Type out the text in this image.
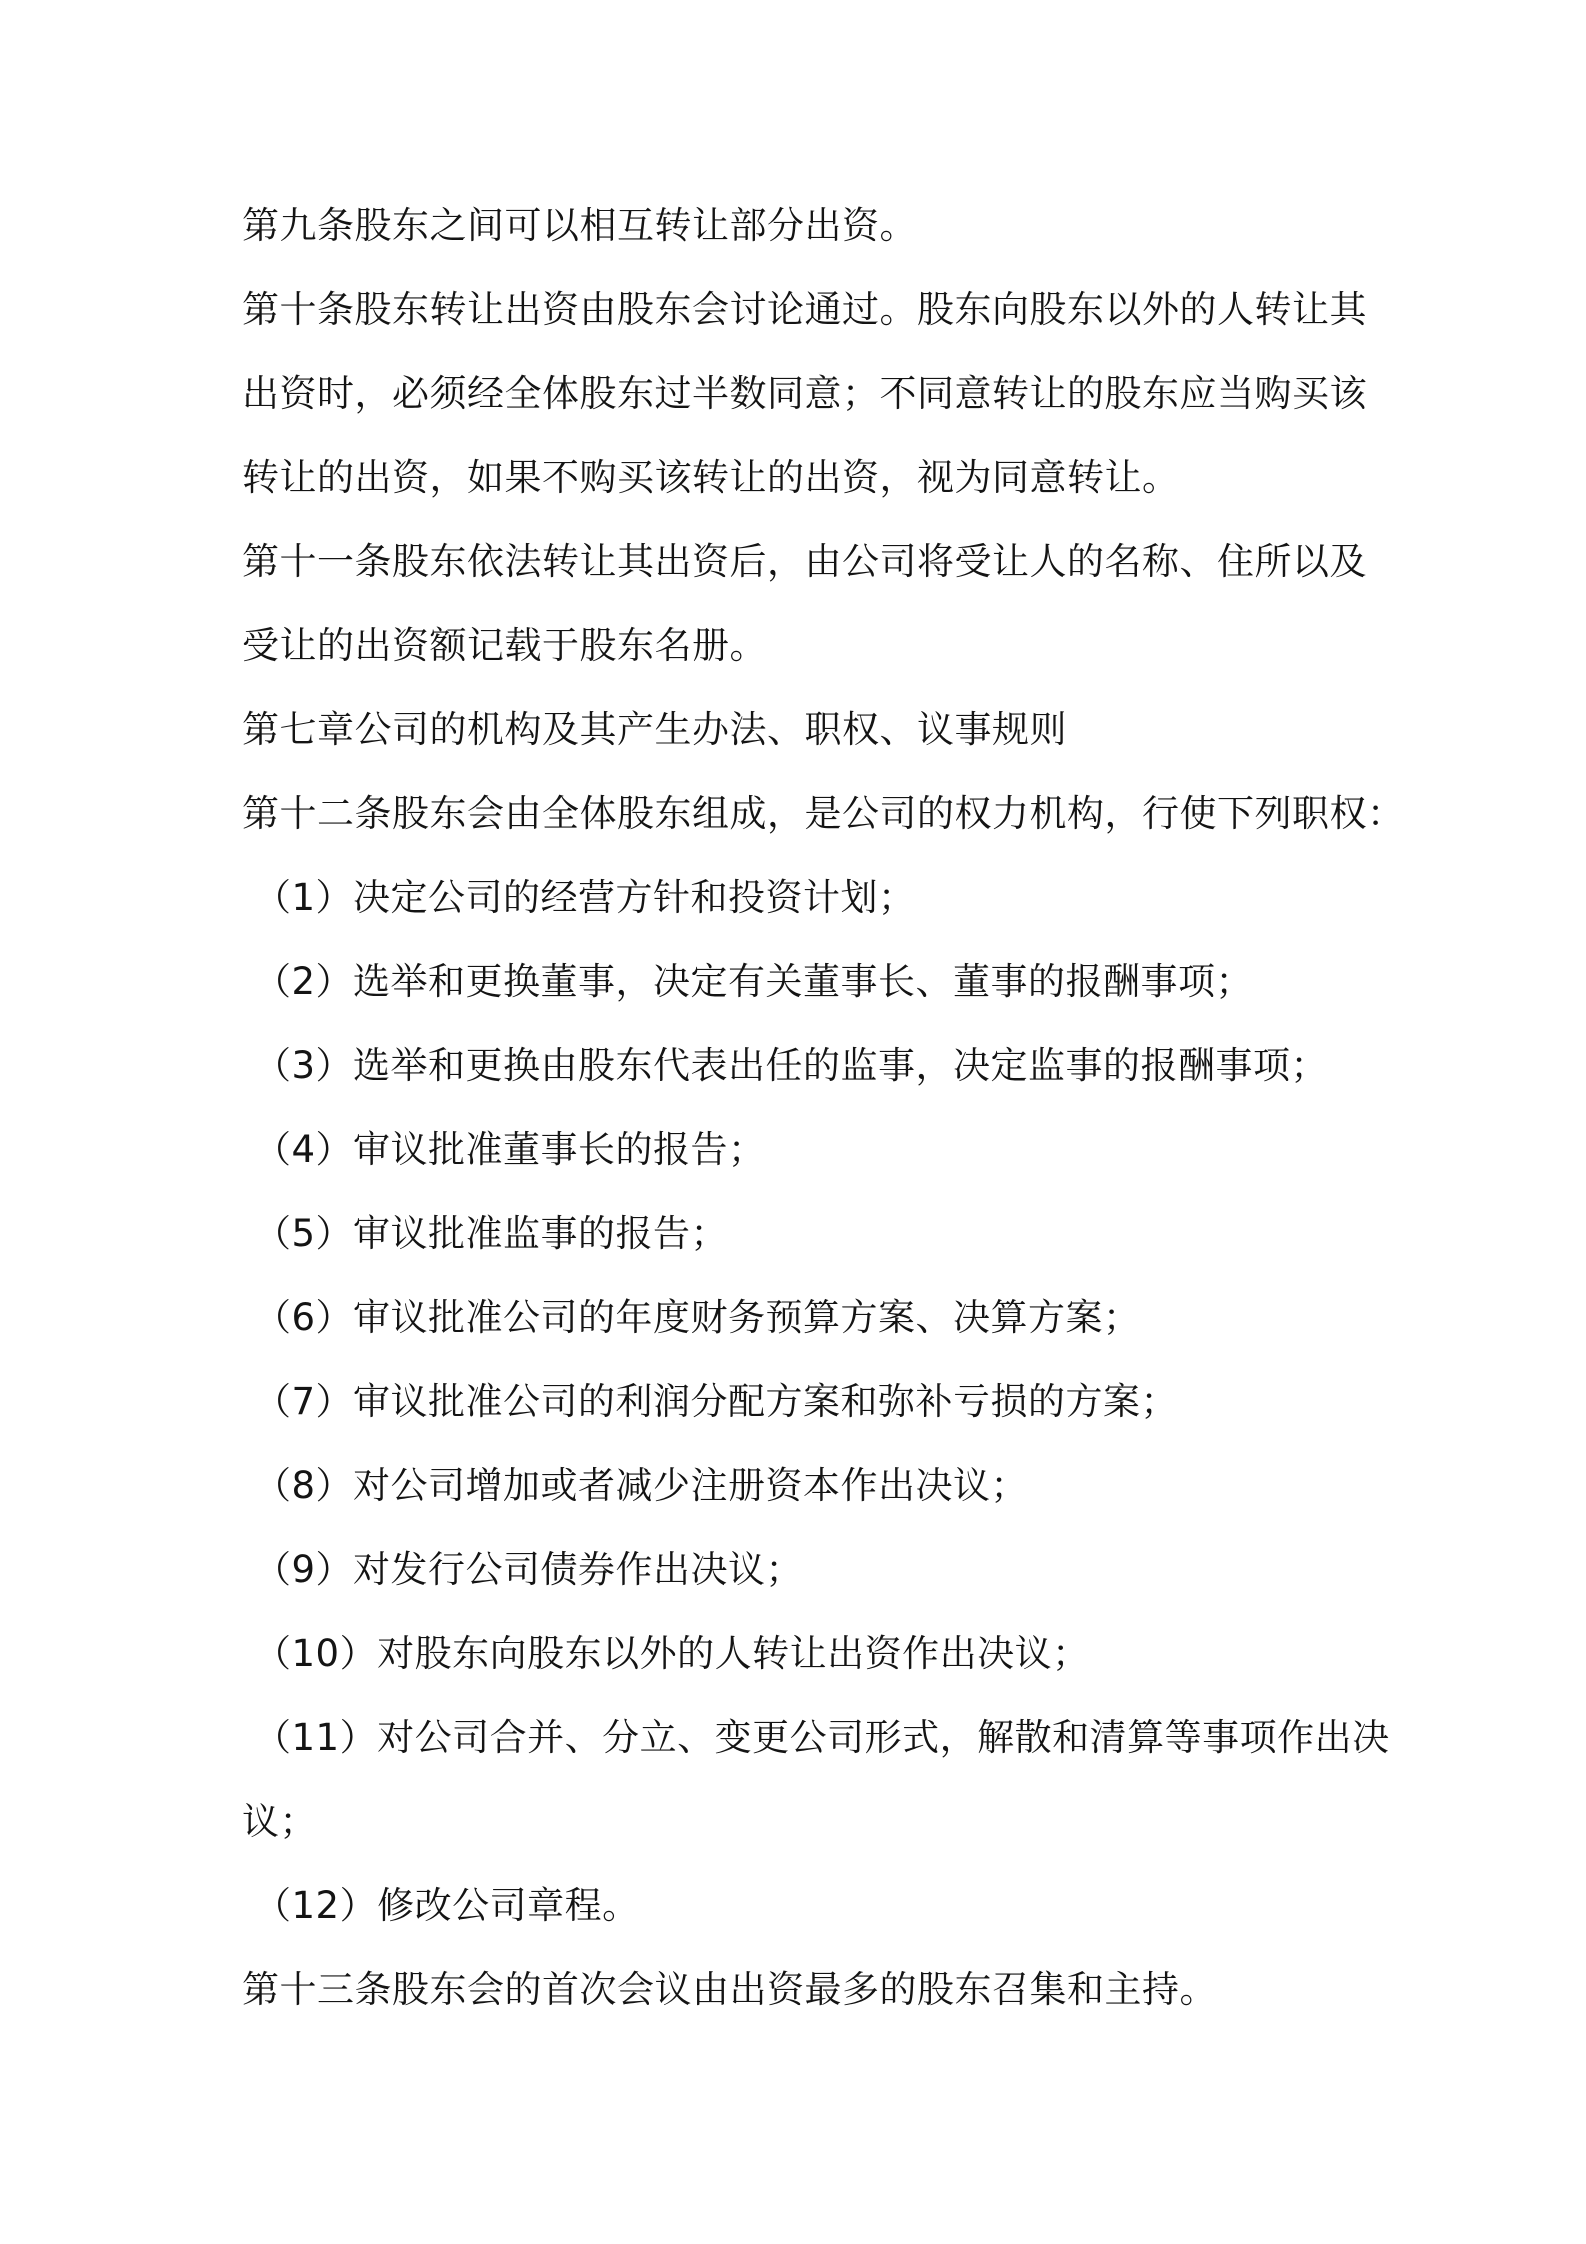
第九条股东之间可以相互转让部分出资。
第十条股东转让出资由股东会讨论通过。股东向股东以外的人转让其
出资时，必须经全体股东过半数同意；不同意转让的股东应当购买该
转让的出资，如果不购买该转让的出资，视为同意转让。
第十一条股东依法转让其出资后，由公司将受让人的名称、住所以及
受让的出资额记载于股东名册。
第七章公司的机构及其产生办法、职权、议事规则
第十二条股东会由全体股东组成，是公司的权力机构，行使下列职权：
（1）决定公司的经营方针和投资计划；
（2）选举和更换董事，决定有关董事长、董事的报酬事项；
（3）选举和更换由股东代表出任的监事，决定监事的报酬事项；
（4）审议批准董事长的报告；
（5）审议批准监事的报告；
（6）审议批准公司的年度财务预算方案、决算方案；
（7）审议批准公司的利润分配方案和弥补亏损的方案；
（8）对公司增加或者减少注册资本作出决议；
（9）对发行公司债券作出决议；
（10）对股东向股东以外的人转让出资作出决议；
（11）对公司合并、分立、变更公司形式，解散和清算等事项作出决
议；
（12）修改公司章程。
第十三条股东会的首次会议由出资最多的股东召集和主持。
